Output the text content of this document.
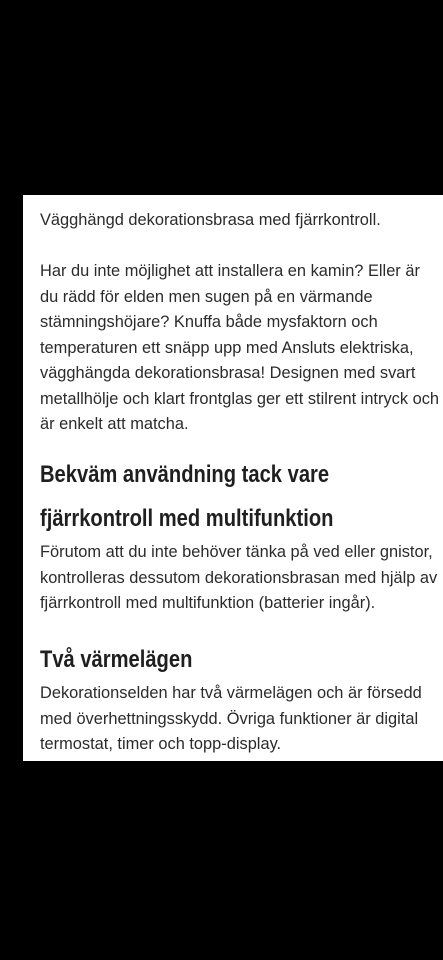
Vägghängd dekorationsbrasa med fjärrkontroll.

Har du inte möjlighet att installera en kamin? Eller är du rädd för elden men sugen på en värmande stämningshöjare? Knuffa både mysfaktorn och temperaturen ett snäpp upp med Ansluts elektriska, vägghängda dekorationsbrasa! Designen med svart metallhölje och klart frontglas ger ett stilrent intryck och är enkelt att matcha.

Bekväm användning tack vare
fjärrkontroll med multifunktion

Förutom att du inte behöver tänka på ved eller gnistor, kontrolleras dessutom dekorationsbrasan med hjälp av fjärrkontroll med multifunktion (batterier ingår).

Två värmelägen

Dekorationselden har två värmelägen och är försedd med överhettningsskydd. Övriga funktioner är digital termostat, timer och topp-display.
